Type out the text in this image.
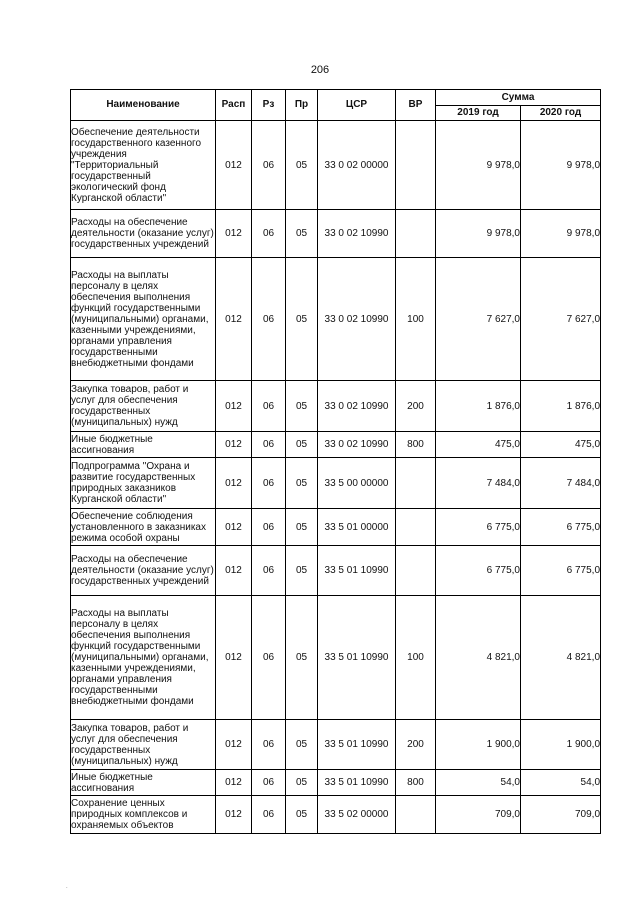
206
Наименование	Расп	Рз	Пр	ЦСР	ВР	Сумма	
						2019 год	2020 год
Обеспечение деятельности государственного казенного учреждения "Территориальный государственный экологический фонд Курганской области"	012	06	05	33 0 02 00000		9 978,0	9 978,0
Расходы на обеспечение деятельности (оказание услуг) государственных учреждений	012	06	05	33 0 02 10990		9 978,0	9 978,0
Расходы на выплаты персоналу в целях обеспечения выполнения функций государственными (муниципальными) органами, казенными учреждениями, органами управления государственными внебюджетными фондами	012	06	05	33 0 02 10990	100	7 627,0	7 627,0
Закупка товаров, работ и услуг для обеспечения государственных (муниципальных) нужд	012	06	05	33 0 02 10990	200	1 876,0	1 876,0
Иные бюджетные ассигнования	012	06	05	33 0 02 10990	800	475,0	475,0
Подпрограмма "Охрана и развитие государственных природных заказников Курганской области"	012	06	05	33 5 00 00000		7 484,0	7 484,0
Обеспечение соблюдения установленного в заказниках режима особой охраны	012	06	05	33 5 01 00000		6 775,0	6 775,0
Расходы на обеспечение деятельности (оказание услуг) государственных учреждений	012	06	05	33 5 01 10990		6 775,0	6 775,0
Расходы на выплаты персоналу в целях обеспечения выполнения функций государственными (муниципальными) органами, казенными учреждениями, органами управления государственными внебюджетными фондами	012	06	05	33 5 01 10990	100	4 821,0	4 821,0
Закупка товаров, работ и услуг для обеспечения государственных (муниципальных) нужд	012	06	05	33 5 01 10990	200	1 900,0	1 900,0
Иные бюджетные ассигнования	012	06	05	33 5 01 10990	800	54,0	54,0
Сохранение ценных природных комплексов и охраняемых объектов	012	06	05	33 5 02 00000		709,0	709,0
.
